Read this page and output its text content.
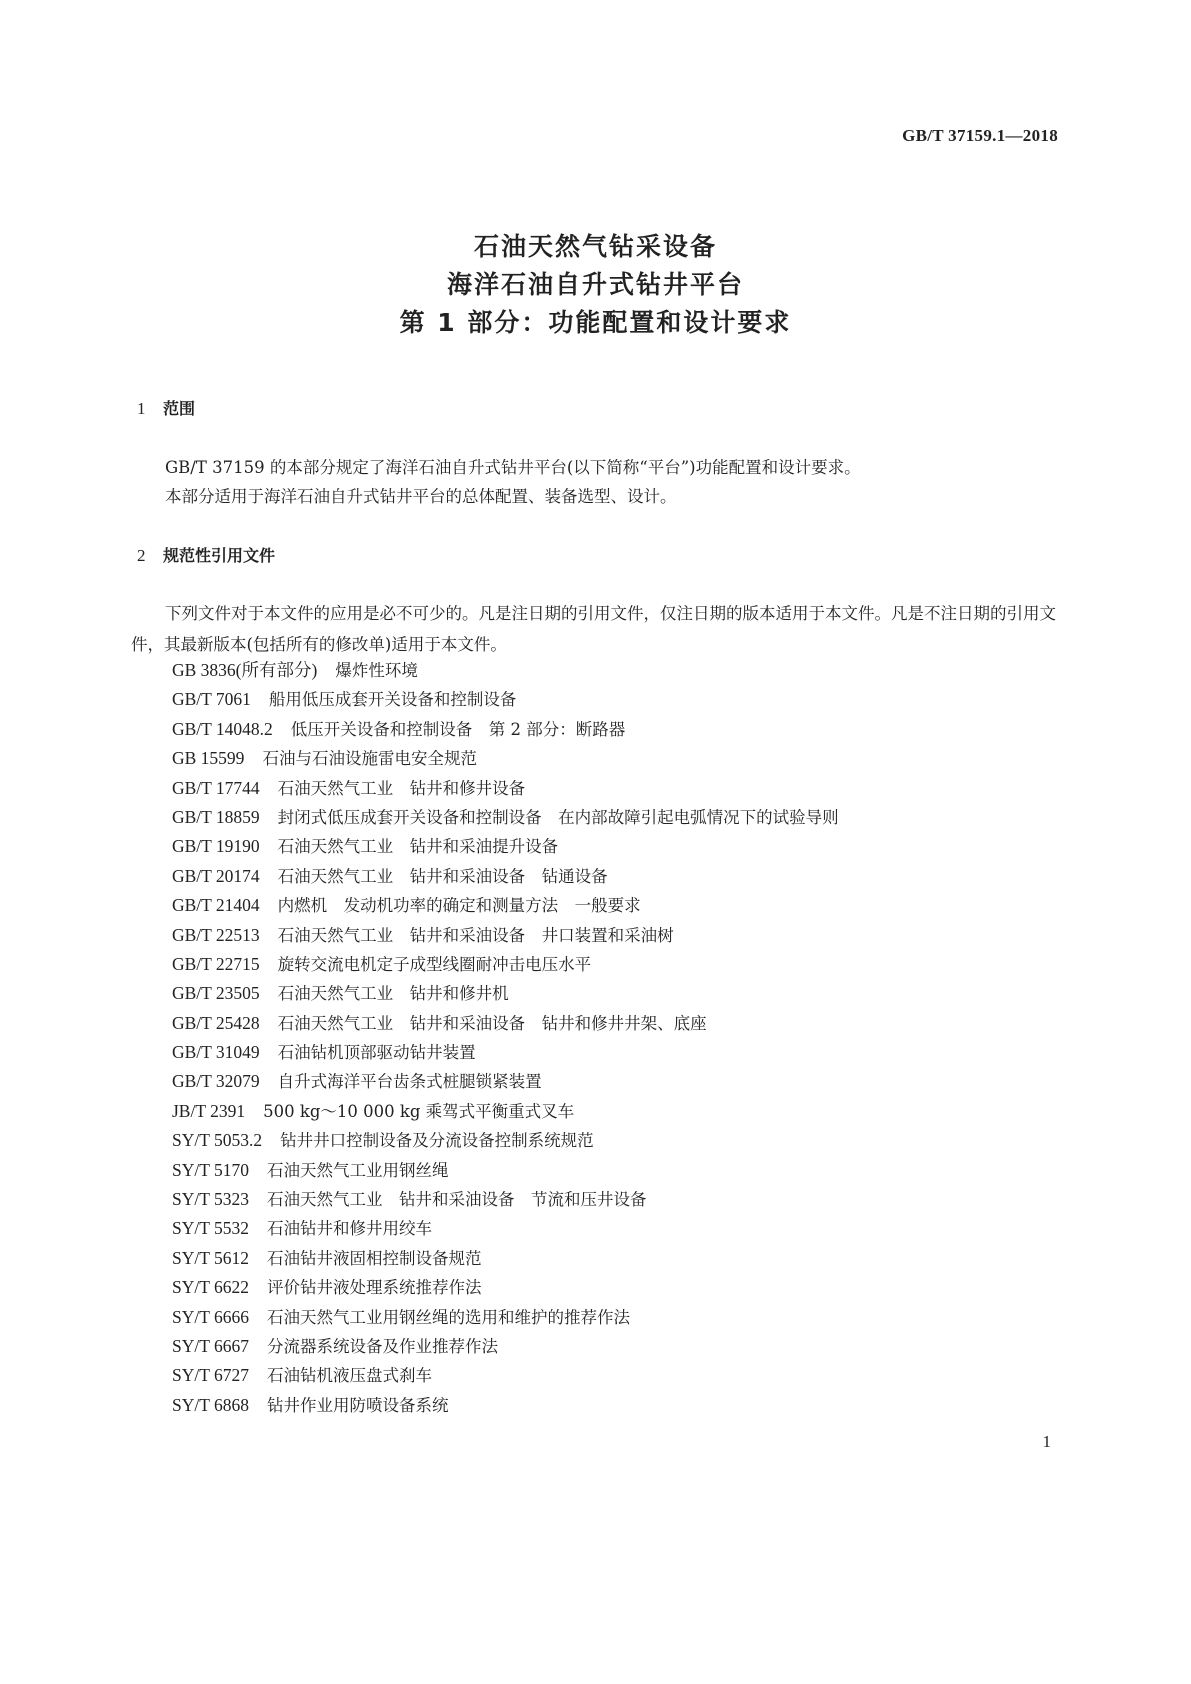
GB/T 37159.1—2018
石油天然气钻采设备
海洋石油自升式钻井平台
第 1 部分：功能配置和设计要求
1 范围
GB/T 37159 的本部分规定了海洋石油自升式钻井平台(以下简称“平台”)功能配置和设计要求。
本部分适用于海洋石油自升式钻井平台的总体配置、装备选型、设计。
2 规范性引用文件
下列文件对于本文件的应用是必不可少的。凡是注日期的引用文件，仅注日期的版本适用于本文件。凡是不注日期的引用文件，其最新版本(包括所有的修改单)适用于本文件。
GB 3836(所有部分) 爆炸性环境
GB/T 7061 船用低压成套开关设备和控制设备
GB/T 14048.2 低压开关设备和控制设备　第 2 部分：断路器
GB 15599 石油与石油设施雷电安全规范
GB/T 17744 石油天然气工业　钻井和修井设备
GB/T 18859 封闭式低压成套开关设备和控制设备　在内部故障引起电弧情况下的试验导则
GB/T 19190 石油天然气工业　钻井和采油提升设备
GB/T 20174 石油天然气工业　钻井和采油设备　钻通设备
GB/T 21404 内燃机　发动机功率的确定和测量方法　一般要求
GB/T 22513 石油天然气工业　钻井和采油设备　井口装置和采油树
GB/T 22715 旋转交流电机定子成型线圈耐冲击电压水平
GB/T 23505 石油天然气工业　钻井和修井机
GB/T 25428 石油天然气工业　钻井和采油设备　钻井和修井井架、底座
GB/T 31049 石油钻机顶部驱动钻井装置
GB/T 32079 自升式海洋平台齿条式桩腿锁紧装置
JB/T 2391 500 kg～10 000 kg 乘驾式平衡重式叉车
SY/T 5053.2 钻井井口控制设备及分流设备控制系统规范
SY/T 5170 石油天然气工业用钢丝绳
SY/T 5323 石油天然气工业　钻井和采油设备　节流和压井设备
SY/T 5532 石油钻井和修井用绞车
SY/T 5612 石油钻井液固相控制设备规范
SY/T 6622 评价钻井液处理系统推荐作法
SY/T 6666 石油天然气工业用钢丝绳的选用和维护的推荐作法
SY/T 6667 分流器系统设备及作业推荐作法
SY/T 6727 石油钻机液压盘式刹车
SY/T 6868 钻井作业用防喷设备系统
1
